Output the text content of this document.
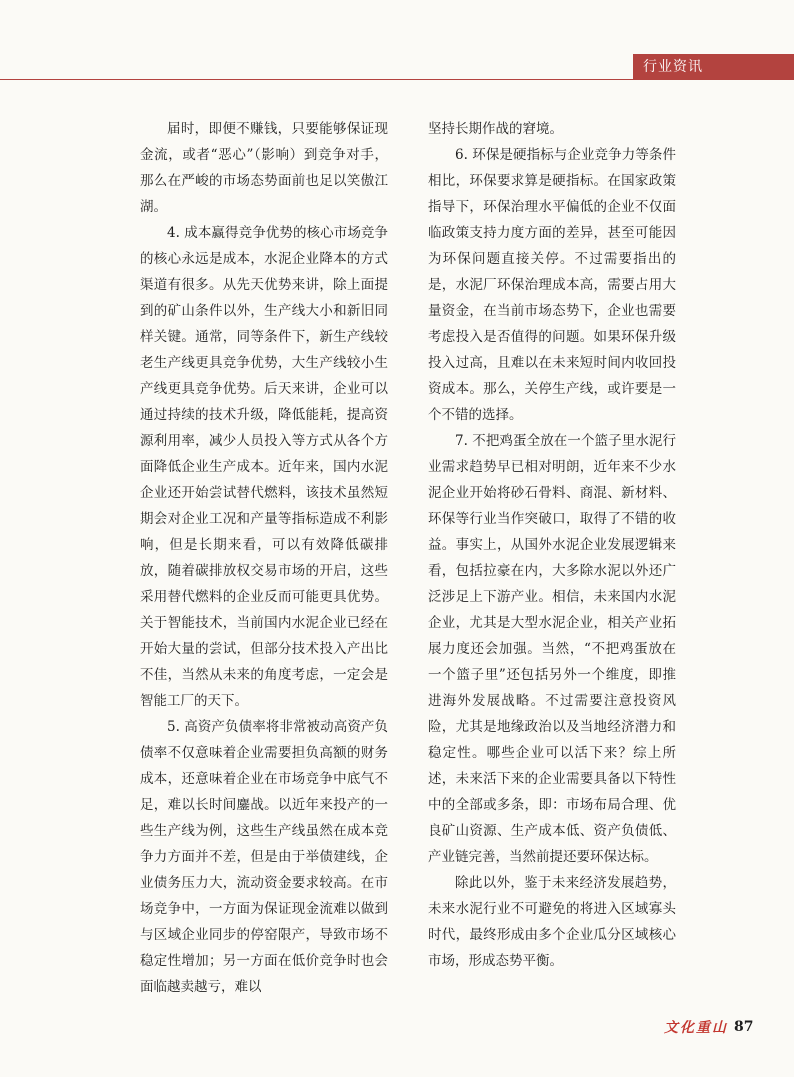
行业资讯

届时，即便不赚钱，只要能够保证现金流，或者“恶心”（影响）到竞争对手，那么在严峻的市场态势面前也足以笑傲江湖。

4. 成本赢得竞争优势的核心市场竞争的核心永远是成本，水泥企业降本的方式渠道有很多。从先天优势来讲，除上面提到的矿山条件以外，生产线大小和新旧同样关键。通常，同等条件下，新生产线较老生产线更具竞争优势，大生产线较小生产线更具竞争优势。后天来讲，企业可以通过持续的技术升级，降低能耗，提高资源利用率，减少人员投入等方式从各个方面降低企业生产成本。近年来，国内水泥企业还开始尝试替代燃料，该技术虽然短期会对企业工况和产量等指标造成不利影响，但是长期来看，可以有效降低碳排放，随着碳排放权交易市场的开启，这些采用替代燃料的企业反而可能更具优势。关于智能技术，当前国内水泥企业已经在开始大量的尝试，但部分技术投入产出比不佳，当然从未来的角度考虑，一定会是智能工厂的天下。

5. 高资产负债率将非常被动高资产负债率不仅意味着企业需要担负高额的财务成本，还意味着企业在市场竞争中底气不足，难以长时间鏖战。以近年来投产的一些生产线为例，这些生产线虽然在成本竞争力方面并不差，但是由于举债建线，企业债务压力大，流动资金要求较高。在市场竞争中，一方面为保证现金流难以做到与区域企业同步的停窑限产，导致市场不稳定性增加；另一方面在低价竞争时也会面临越卖越亏，难以

坚持长期作战的窘境。

6. 环保是硬指标与企业竞争力等条件相比，环保要求算是硬指标。在国家政策指导下，环保治理水平偏低的企业不仅面临政策支持力度方面的差异，甚至可能因为环保问题直接关停。不过需要指出的是，水泥厂环保治理成本高，需要占用大量资金，在当前市场态势下，企业也需要考虑投入是否值得的问题。如果环保升级投入过高，且难以在未来短时间内收回投资成本。那么，关停生产线，或许要是一个不错的选择。

7. 不把鸡蛋全放在一个篮子里水泥行业需求趋势早已相对明朗，近年来不少水泥企业开始将砂石骨料、商混、新材料、环保等行业当作突破口，取得了不错的收益。事实上，从国外水泥企业发展逻辑来看，包括拉豪在内，大多除水泥以外还广泛涉足上下游产业。相信，未来国内水泥企业，尤其是大型水泥企业，相关产业拓展力度还会加强。当然，“不把鸡蛋放在一个篮子里”还包括另外一个维度，即推进海外发展战略。不过需要注意投资风险，尤其是地缘政治以及当地经济潜力和稳定性。哪些企业可以活下来？综上所述，未来活下来的企业需要具备以下特性中的全部或多条，即：市场布局合理、优良矿山资源、生产成本低、资产负债低、产业链完善，当然前提还要环保达标。

除此以外，鉴于未来经济发展趋势，未来水泥行业不可避免的将进入区域寡头时代，最终形成由多个企业瓜分区域核心市场，形成态势平衡。

文化重山 87
